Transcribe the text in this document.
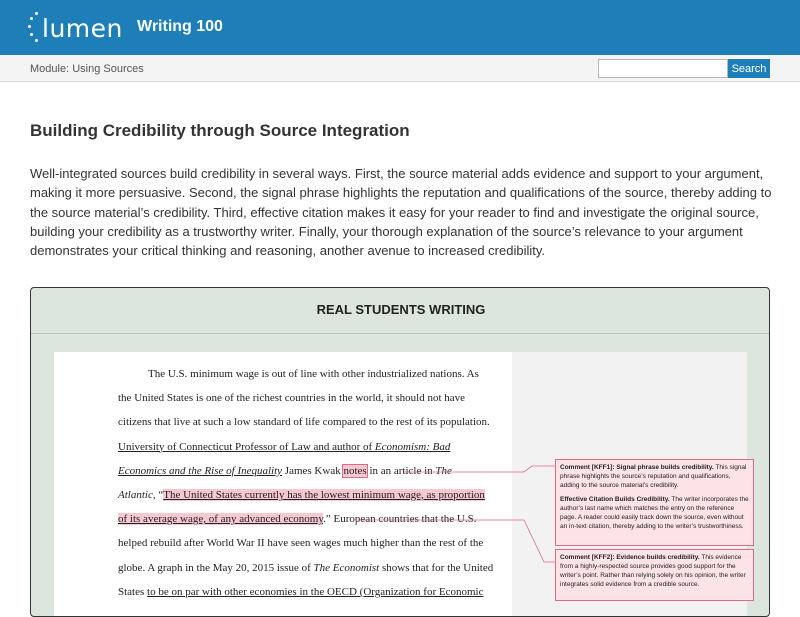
lumen Writing 100
Module: Using Sources	Search
Building Credibility through Source Integration

Well-integrated sources build credibility in several ways. First, the source material adds evidence and support to your argument, making it more persuasive. Second, the signal phrase highlights the reputation and qualifications of the source, thereby adding to the source material’s credibility. Third, effective citation makes it easy for your reader to find and investigate the original source, building your credibility as a trustworthy writer. Finally, your thorough explanation of the source’s relevance to your argument demonstrates your critical thinking and reasoning, another avenue to increased credibility.

REAL STUDENTS WRITING
The U.S. minimum wage is out of line with other industrialized nations. As
the United States is one of the richest countries in the world, it should not have
citizens that live at such a low standard of life compared to the rest of its population.
University of Connecticut Professor of Law and author of Economism: Bad
Economics and the Rise of Inequality James Kwak notes in an article in The
Atlantic, “The United States currently has the lowest minimum wage, as proportion
of its average wage, of any advanced economy.” European countries that the U.S.
helped rebuild after World War II have seen wages much higher than the rest of the
globe. A graph in the May 20, 2015 issue of The Economist shows that for the United
States to be on par with other economies in the OECD (Organization for Economic
Comment [KFF1]: Signal phrase builds credibility. This signal phrase highlights the source’s reputation and qualifications, adding to the source material’s credibility.
Effective Citation Builds Credibility. The writer incorporates the author’s last name which matches the entry on the reference page. A reader could easily track down the source, even without an in-text citation, thereby adding to the writer’s trustworthiness.
Comment [KFF2]: Evidence builds credibility. This evidence from a highly-respected source provides good support for the writer’s point. Rather than relying solely on his opinion, the writer integrates solid evidence from a credible source.
